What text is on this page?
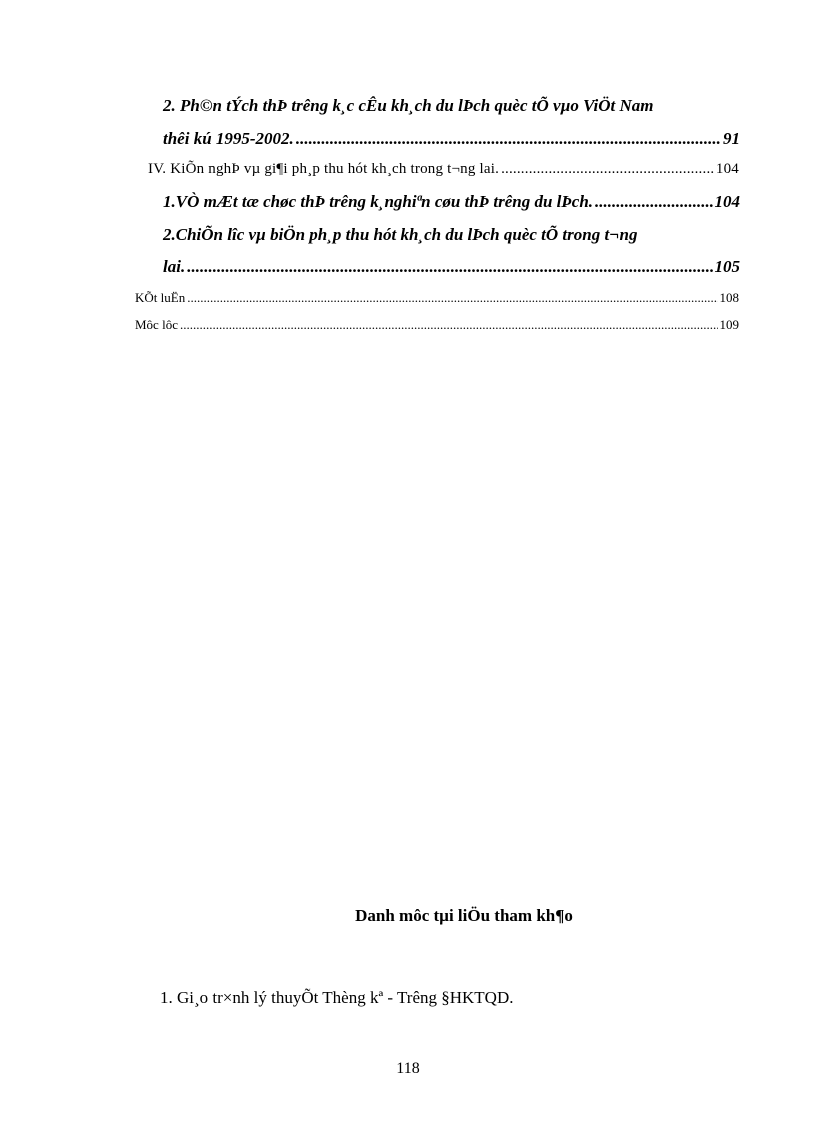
2. Ph©n tÝch thÞ trêng k¸c cÊu kh¸ch du lÞch quèc tÕ vµo ViÖt Nam
thêi kú 1995-2002. .....	91
IV. KiÕn nghÞ vµ gi¶i ph¸p thu hót kh¸ch trong t¬ng lai. .....	104
1.VÒ mÆt tæ chøc thÞ trêng k¸nghiªn cøu thÞ trêng du lÞch. .....	104
2.ChiÕn lîc vµ biÖn ph¸p thu hót kh¸ch du lÞch quèc tÕ trong t¬ng
lai. .....	105
KÕt luËn .....	108
Môc lôc .....	109
Danh môc tµi liÖu tham kh¶o
1. Gi¸o tr×nh lý thuyÕt Thèng kª - Trêng §HKTQD.
118
